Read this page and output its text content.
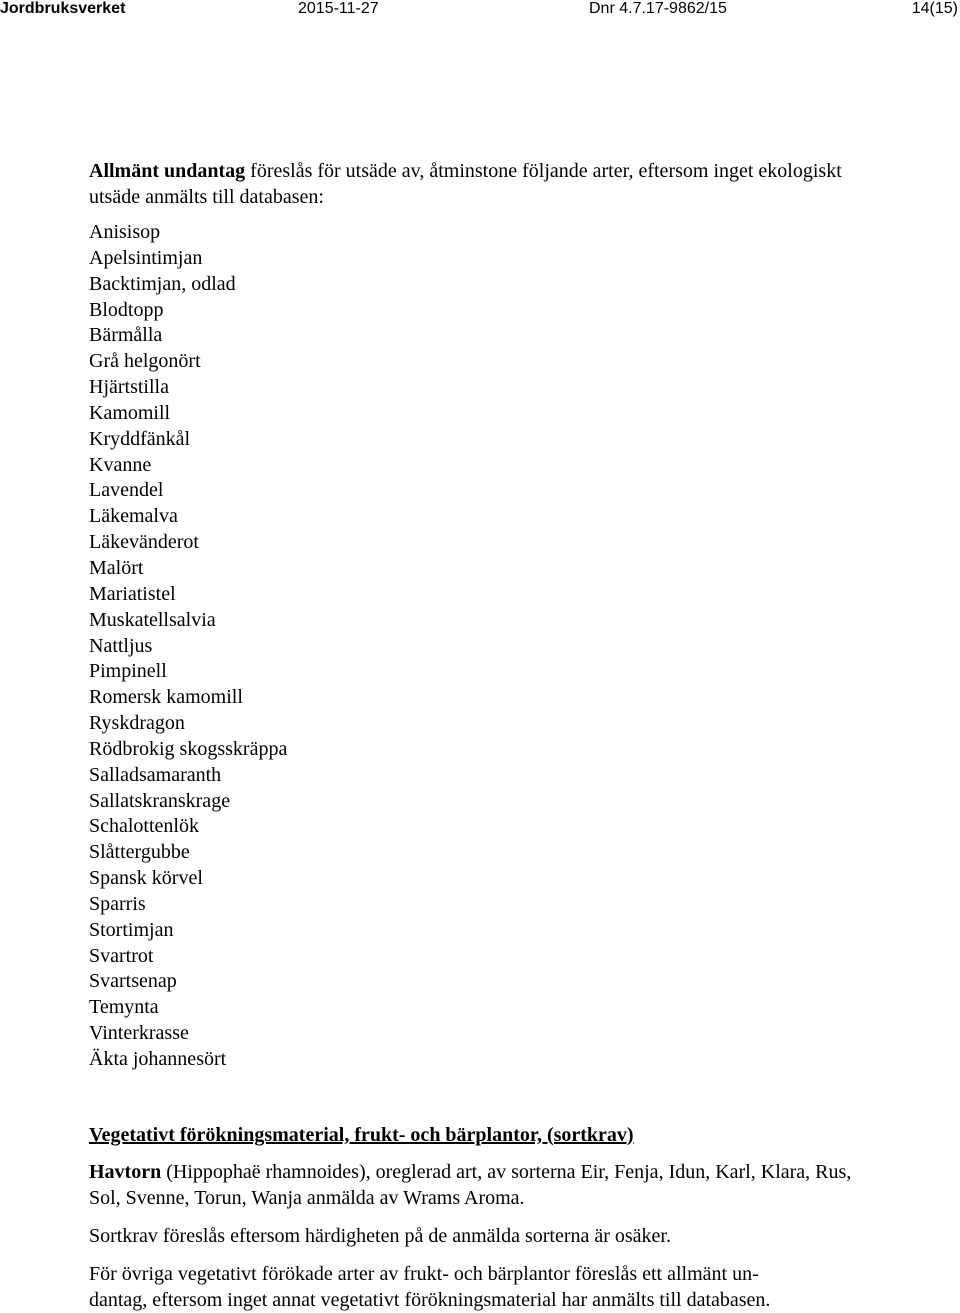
Jordbruksverket	2015-11-27	Dnr 4.7.17-9862/15	14(15)

Allmänt undantag föreslås för utsäde av, åtminstone följande arter, eftersom inget ekologiskt utsäde anmälts till databasen:

Anisisop
Apelsintimjan
Backtimjan, odlad
Blodtopp
Bärmålla
Grå helgonört
Hjärtstilla
Kamomill
Kryddfänkål
Kvanne
Lavendel
Läkemalva
Läkevänderot
Malört
Mariatistel
Muskatellsalvia
Nattljus
Pimpinell
Romersk kamomill
Ryskdragon
Rödbrokig skogsskräppa
Salladsamaranth
Sallatskranskrage
Schalottenlök
Slåttergubbe
Spansk körvel
Sparris
Stortimjan
Svartrot
Svartsenap
Temynta
Vinterkrasse
Äkta johannesört

Vegetativt förökningsmaterial, frukt- och bärplantor, (sortkrav)

Havtorn (Hippophaë rhamnoides), oreglerad art, av sorterna Eir, Fenja, Idun, Karl, Klara, Rus, Sol, Svenne, Torun, Wanja anmälda av Wrams Aroma.

Sortkrav föreslås eftersom härdigheten på de anmälda sorterna är osäker.

För övriga vegetativt förökade arter av frukt- och bärplantor föreslås ett allmänt un-
dantag, eftersom inget annat vegetativt förökningsmaterial har anmälts till databasen.
